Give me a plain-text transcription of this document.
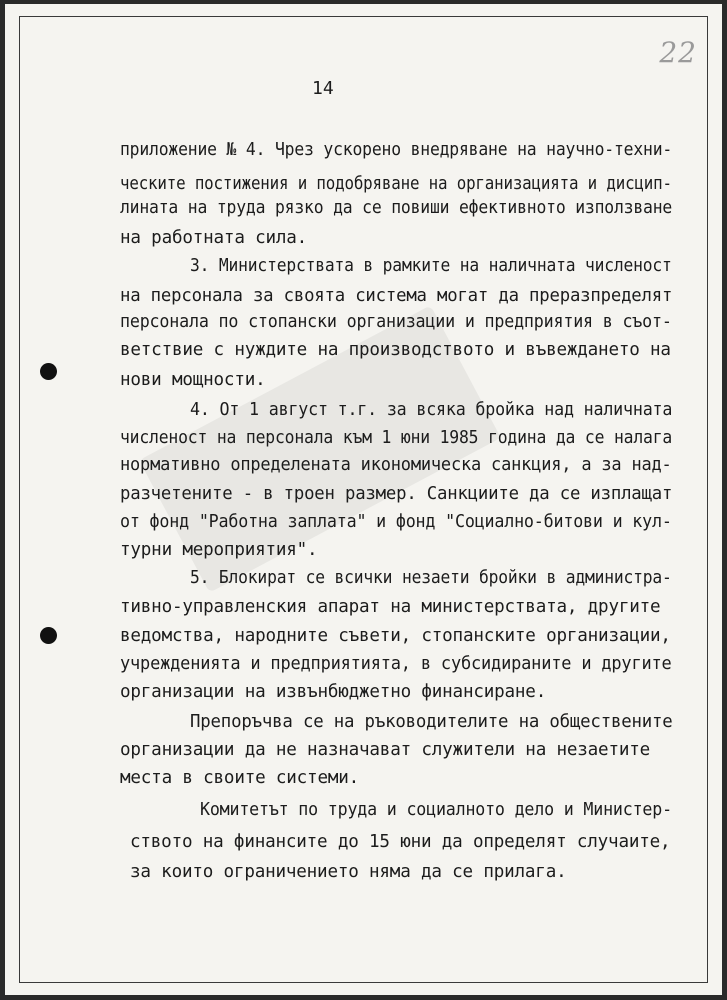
22
14

приложение № 4. Чрез ускорено внедряване на научно-техни-

ческите постижения и подобряване на организацията и дисцип-

лината на труда рязко да се повиши ефективното използване

на работната сила.

3. Министерствата в рамките на наличната численост

на персонала за своята система могат да преразпределят

персонала по стопански организации и предприятия в съот-

ветствие с нуждите на производството и въвеждането на

нови мощности.

4. От 1 август т.г. за всяка бройка над наличната

численост на персонала към 1 юни 1985 година да се налага

нормативно определената икономическа санкция, а за над-

разчетените - в троен размер. Санкциите да се изплащат

от фонд "Работна заплата" и фонд "Социално-битови и кул-

турни мероприятия".

5. Блокират се всички незаети бройки в администра-

тивно-управленския апарат на министерствата, другите

ведомства, народните съвети, стопанските организации,

учрежденията и предприятията, в субсидираните и другите

организации на извънбюджетно финансиране.

Препоръчва се на ръководителите на обществените

организации да не назначават служители на незаетите

места в своите системи.

Комитетът по труда и социалното дело и Министер-

ството на финансите до 15 юни да определят случаите,

за които ограничението няма да се прилага.
